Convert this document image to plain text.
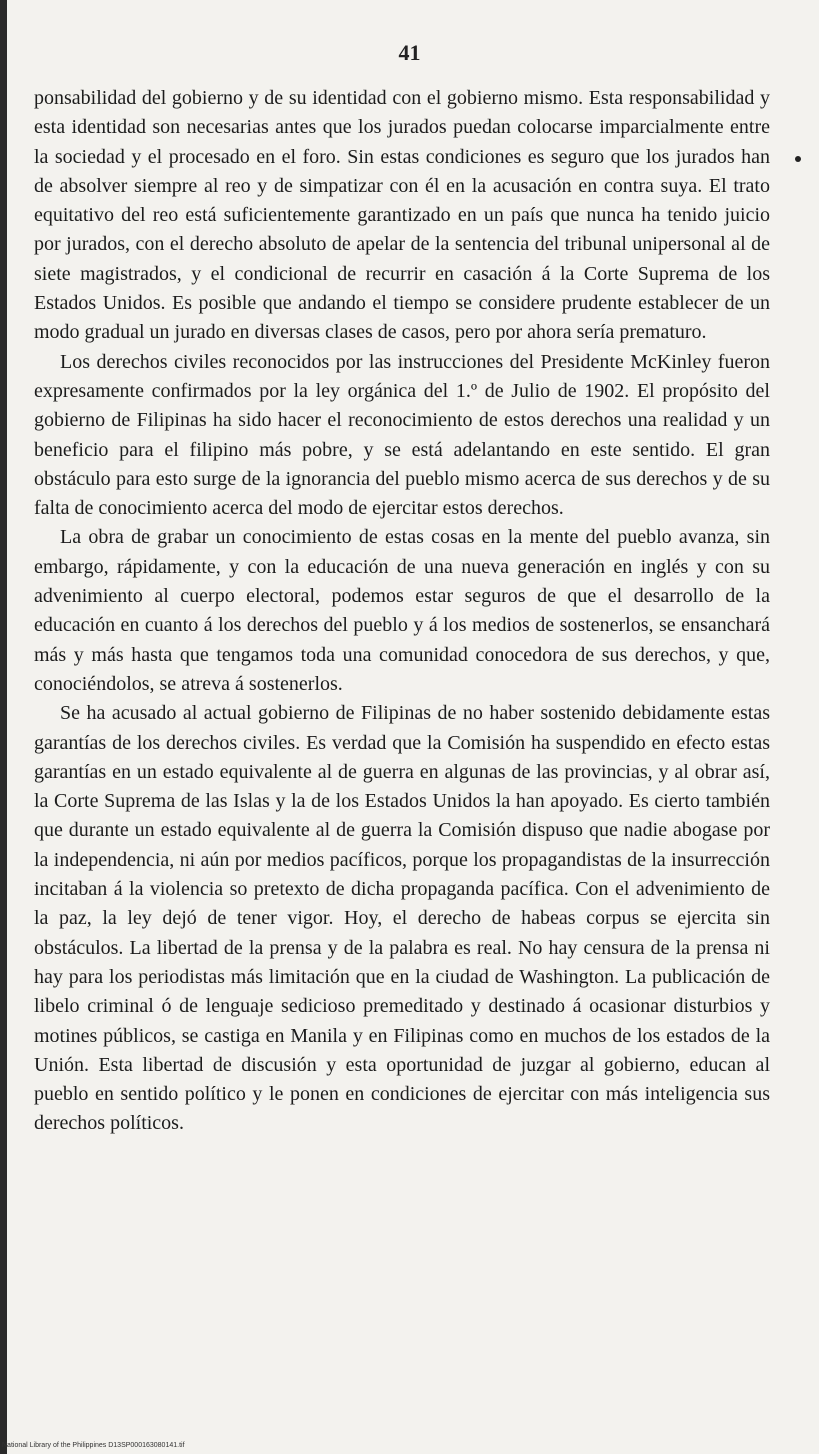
41

ponsabilidad del gobierno y de su identidad con el gobierno mismo. Esta responsabilidad y esta identidad son necesarias antes que los jurados puedan colocarse imparcialmente entre la sociedad y el procesado en el foro. Sin estas condiciones es seguro que los jurados han de absolver siempre al reo y de simpatizar con él en la acusación en contra suya. El trato equitativo del reo está suficientemente garantizado en un país que nunca ha tenido juicio por jurados, con el derecho absoluto de apelar de la sentencia del tribunal unipersonal al de siete magistrados, y el condicional de recurrir en casación á la Corte Suprema de los Estados Unidos. Es posible que andando el tiempo se considere prudente establecer de un modo gradual un jurado en diversas clases de casos, pero por ahora sería prematuro.

Los derechos civiles reconocidos por las instrucciones del Presidente McKinley fueron expresamente confirmados por la ley orgánica del 1.º de Julio de 1902. El propósito del gobierno de Filipinas ha sido hacer el reconocimiento de estos derechos una realidad y un beneficio para el filipino más pobre, y se está adelantando en este sentido. El gran obstáculo para esto surge de la ignorancia del pueblo mismo acerca de sus derechos y de su falta de conocimiento acerca del modo de ejercitar estos derechos.

La obra de grabar un conocimiento de estas cosas en la mente del pueblo avanza, sin embargo, rápidamente, y con la educación de una nueva generación en inglés y con su advenimiento al cuerpo electoral, podemos estar seguros de que el desarrollo de la educación en cuanto á los derechos del pueblo y á los medios de sostenerlos, se ensanchará más y más hasta que tengamos toda una comunidad conocedora de sus derechos, y que, conociéndolos, se atreva á sostenerlos.

Se ha acusado al actual gobierno de Filipinas de no haber sostenido debidamente estas garantías de los derechos civiles. Es verdad que la Comisión ha suspendido en efecto estas garantías en un estado equivalente al de guerra en algunas de las provincias, y al obrar así, la Corte Suprema de las Islas y la de los Estados Unidos la han apoyado. Es cierto también que durante un estado equivalente al de guerra la Comisión dispuso que nadie abogase por la independencia, ni aún por medios pacíficos, porque los propagandistas de la insurrección incitaban á la violencia so pretexto de dicha propaganda pacífica. Con el advenimiento de la paz, la ley dejó de tener vigor. Hoy, el derecho de habeas corpus se ejercita sin obstáculos. La libertad de la prensa y de la palabra es real. No hay censura de la prensa ni hay para los periodistas más limitación que en la ciudad de Washington. La publicación de libelo criminal ó de lenguaje sedicioso premeditado y destinado á ocasionar disturbios y motines públicos, se castiga en Manila y en Filipinas como en muchos de los estados de la Unión. Esta libertad de discusión y esta oportunidad de juzgar al gobierno, educan al pueblo en sentido político y le ponen en condiciones de ejercitar con más inteligencia sus derechos políticos.

National Library of the Philippines D13SP000163080141.tif
